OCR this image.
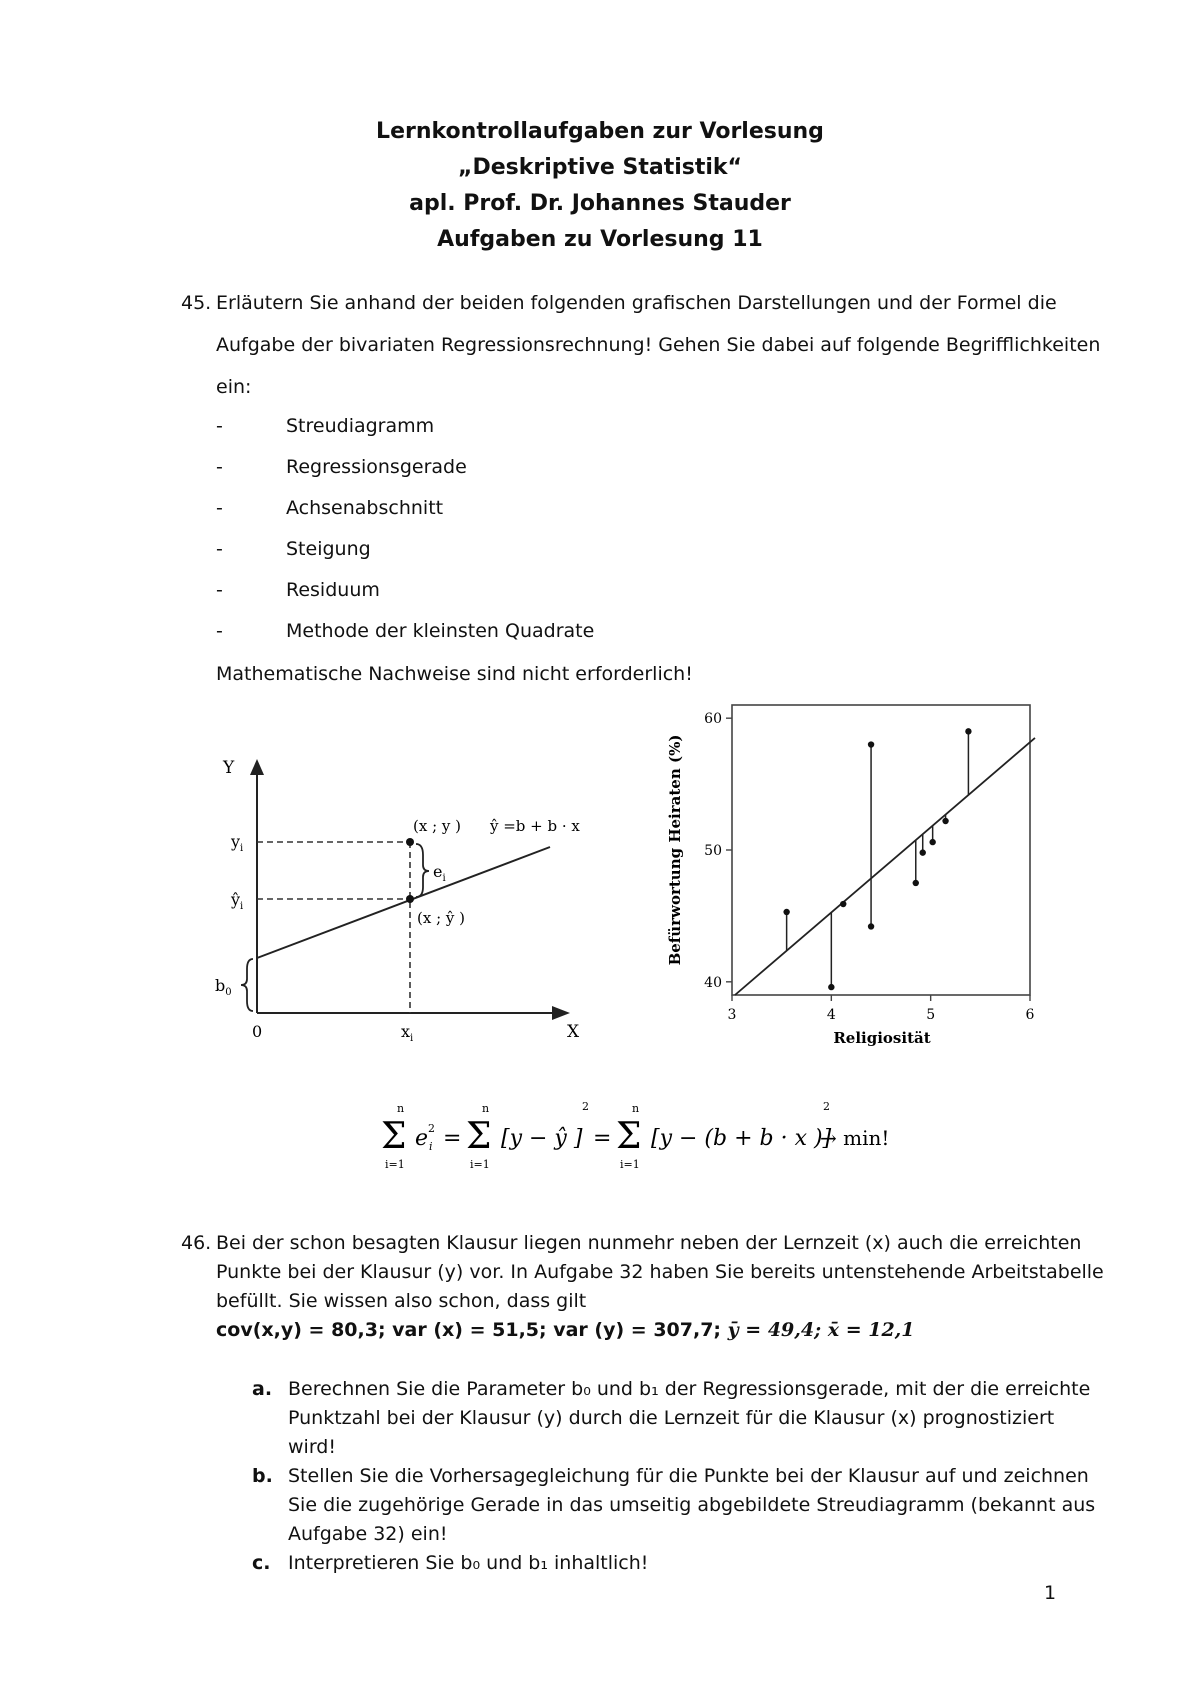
Lernkontrollaufgaben zur Vorlesung
„Deskriptive Statistik“
apl. Prof. Dr. Johannes Stauder
Aufgaben zu Vorlesung 11
45. Erläutern Sie anhand der beiden folgenden grafischen Darstellungen und der Formel die
Aufgabe der bivariaten Regressionsrechnung! Gehen Sie dabei auf folgende Begrifflichkeiten
ein:
-	Streudiagramm
-	Regressionsgerade
-	Achsenabschnitt
-	Steigung
-	Residuum
-	Methode der kleinsten Quadrate
Mathematische Nachweise sind nicht erforderlich!
Y
X
0
$y_i$
$ŷ_i$
$b_0$
$x_i$
(x ; y )
(x ; ŷ )
$e_i$
ŷ =b + b · x
3	4	5	6
40
50
60
Religiosität
Befürwortung Heiraten (%)
n
Σ
i=1
e 2
i =
n
Σ
i=1
[y − ŷ ]
2
=
n
Σ
i=1
[y − (b + b · x )]
2
→ min!
46. Bei der schon besagten Klausur liegen nunmehr neben der Lernzeit (x) auch die erreichten
Punkte bei der Klausur (y) vor. In Aufgabe 32 haben Sie bereits untenstehende Arbeitstabelle
befüllt. Sie wissen also schon, dass gilt
cov(x,y) = 80,3; var (x) = 51,5; var (y) = 307,7; ȳ = 49,4; x̄ = 12,1
a. Berechnen Sie die Parameter b₀ und b₁ der Regressionsgerade, mit der die erreichte
Punktzahl bei der Klausur (y) durch die Lernzeit für die Klausur (x) prognostiziert
wird!
b. Stellen Sie die Vorhersagegleichung für die Punkte bei der Klausur auf und zeichnen
Sie die zugehörige Gerade in das umseitig abgebildete Streudiagramm (bekannt aus
Aufgabe 32) ein!
c. Interpretieren Sie b₀ und b₁ inhaltlich!
1
